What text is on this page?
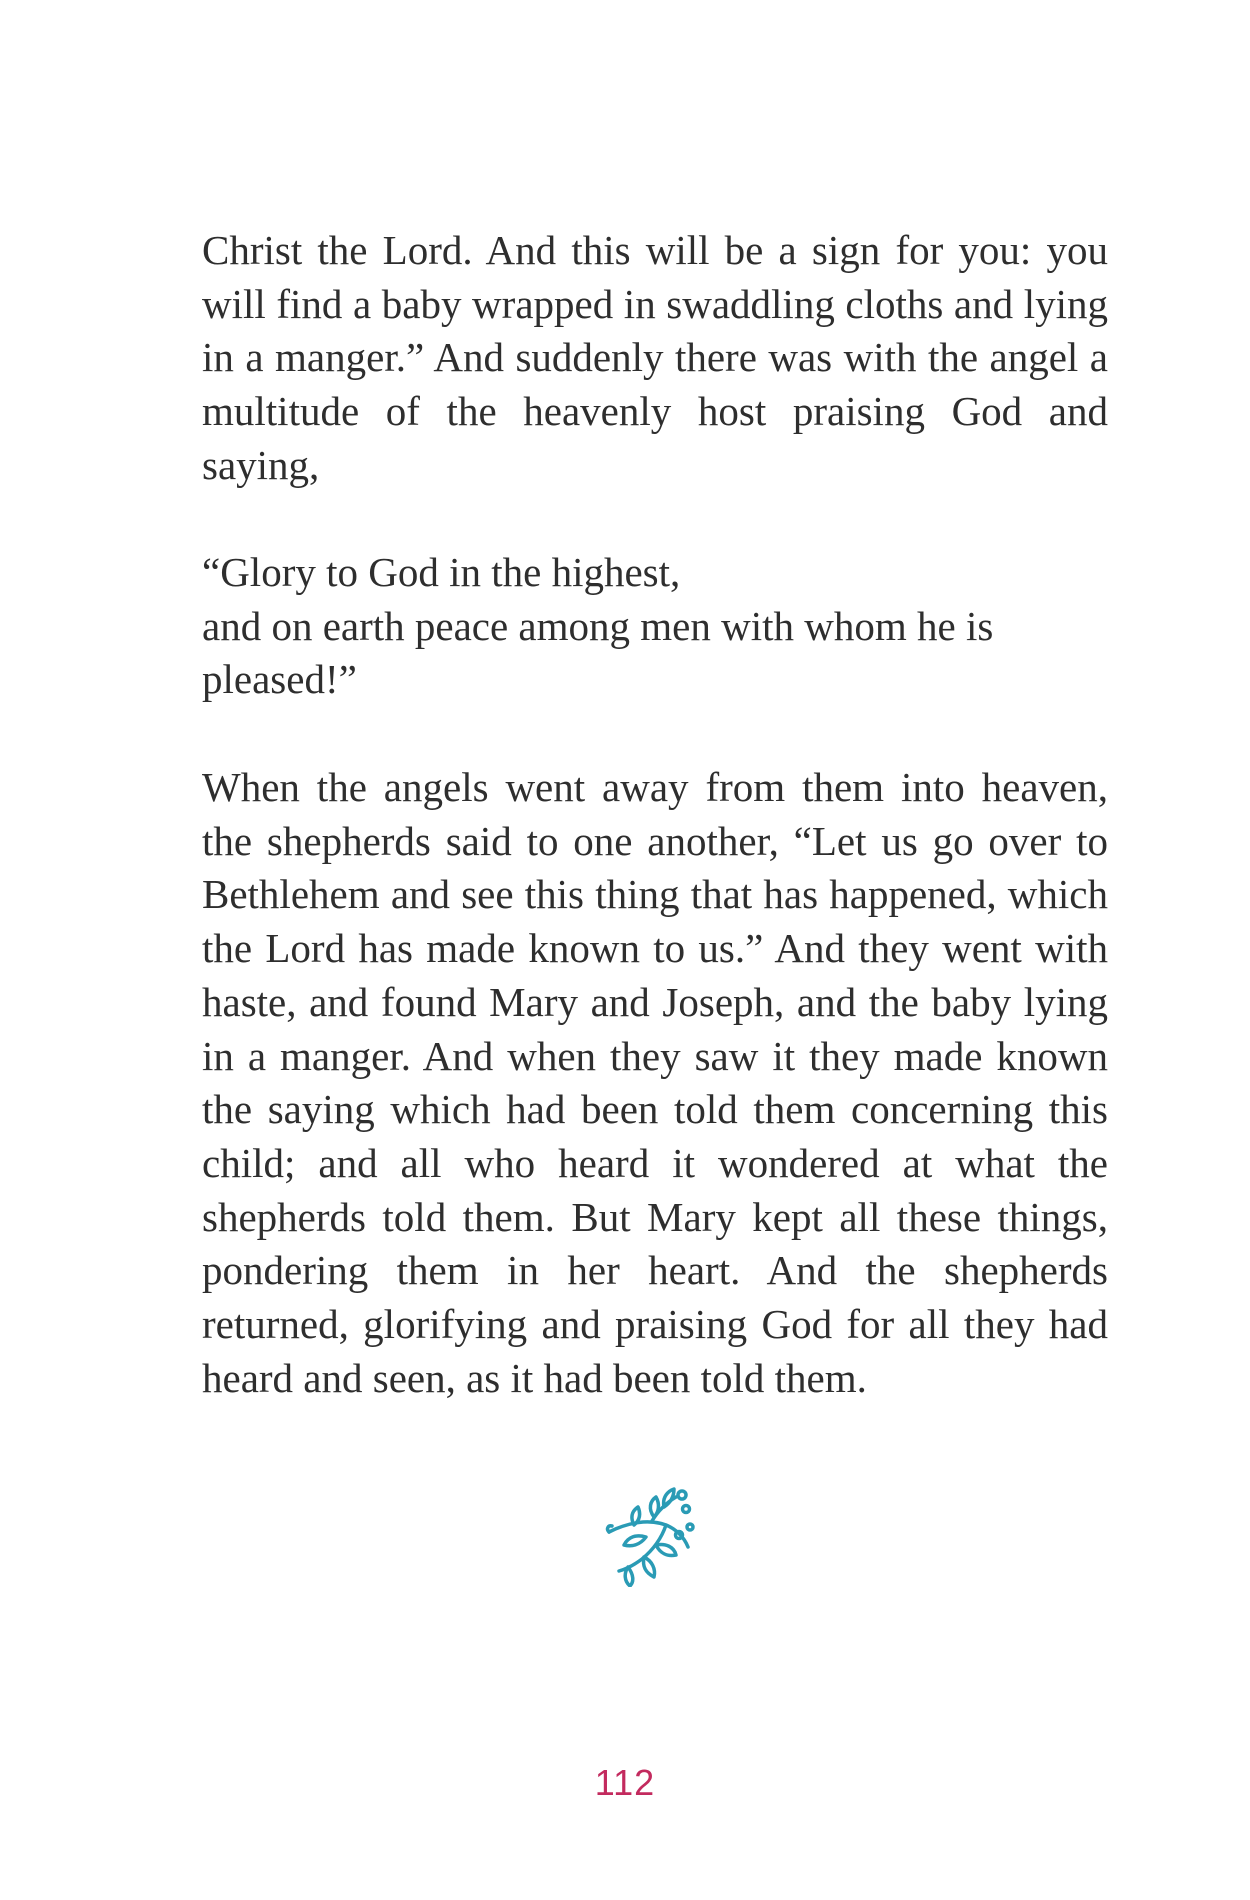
Christ the Lord. And this will be a sign for you: you will find a baby wrapped in swaddling cloths and lying in a manger.” And suddenly there was with the angel a multitude of the heavenly host praising God and saying,

“Glory to God in the highest,
and on earth peace among men with whom he is
pleased!”

When the angels went away from them into heaven, the shepherds said to one another, “Let us go over to Bethlehem and see this thing that has happened, which the Lord has made known to us.” And they went with haste, and found Mary and Joseph, and the baby lying in a manger. And when they saw it they made known the saying which had been told them concerning this child; and all who heard it wondered at what the shepherds told them. But Mary kept all these things, pondering them in her heart. And the shepherds returned, glorifying and praising God for all they had heard and seen, as it had been told them.

112
